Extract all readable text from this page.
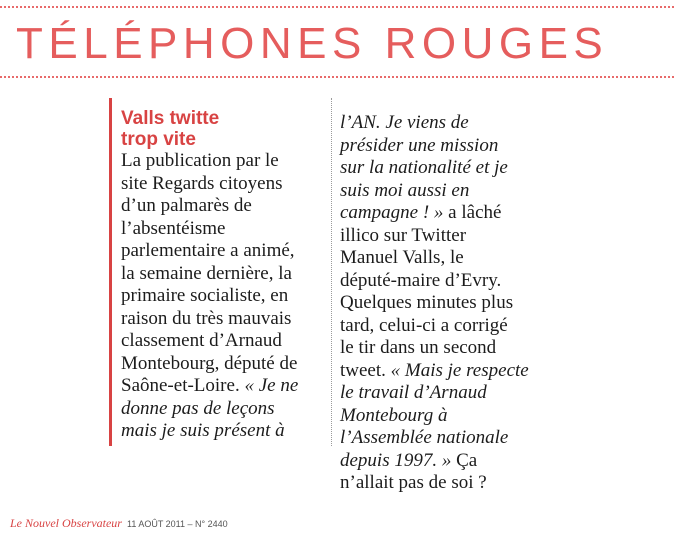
TÉLÉPHONES ROUGES
Valls twitte
trop vite
La publication par le
site Regards citoyens
d’un palmarès de
l’absentéisme
parlementaire a animé,
la semaine dernière, la
primaire socialiste, en
raison du très mauvais
classement d’Arnaud
Montebourg, député de
Saône-et-Loire. « Je ne
donne pas de leçons
mais je suis présent à
l’AN. Je viens de
présider une mission
sur la nationalité et je
suis moi aussi en
campagne ! » a lâché
illico sur Twitter
Manuel Valls, le
député-maire d’Evry.
Quelques minutes plus
tard, celui-ci a corrigé
le tir dans un second
tweet. « Mais je respecte
le travail d’Arnaud
Montebourg à
l’Assemblée nationale
depuis 1997. » Ça
n’allait pas de soi ?
Le Nouvel Observateur 11 AOÛT 2011 – N° 2440
